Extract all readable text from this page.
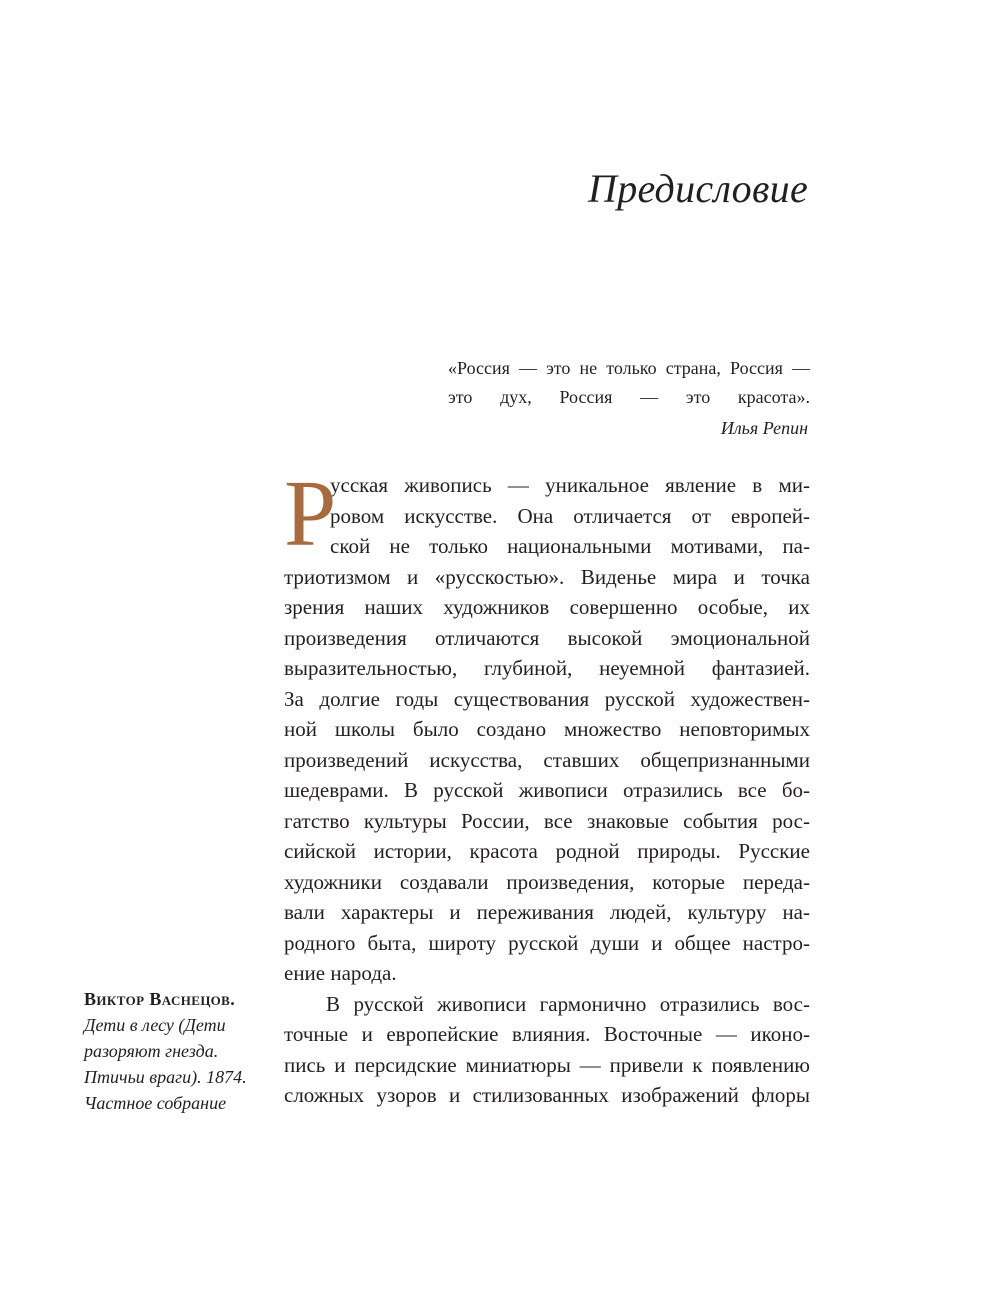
Предисловие
«Россия — это не только страна, Россия —
это дух, Россия — это красота».
Илья Репин
Р

усская живопись — уникальное явление в ми-
ровом искусстве. Она отличается от европей-
ской не только национальными мотивами, па-
триотизмом и «русскостью». Виденье мира и точка
зрения наших художников совершенно особые, их
произведения отличаются высокой эмоциональной
выразительностью, глубиной, неуемной фантазией.
За долгие годы существования русской художествен-
ной школы было создано множество неповторимых
произведений искусства, ставших общепризнанными
шедеврами. В русской живописи отразились все бо-
гатство культуры России, все знаковые события рос-
сийской истории, красота родной природы. Русские
художники создавали произведения, которые переда-
вали характеры и переживания людей, культуру на-
родного быта, широту русской души и общее настро-
ение народа.

В русской живописи гармонично отразились вос-
точные и европейские влияния. Восточные — иконо-
пись и персидские миниатюры — привели к появлению
сложных узоров и стилизованных изображений флоры

Виктор Васнецов.
Дети в лесу (Дети
разоряют гнезда.
Птичьи враги). 1874.
Частное собрание
